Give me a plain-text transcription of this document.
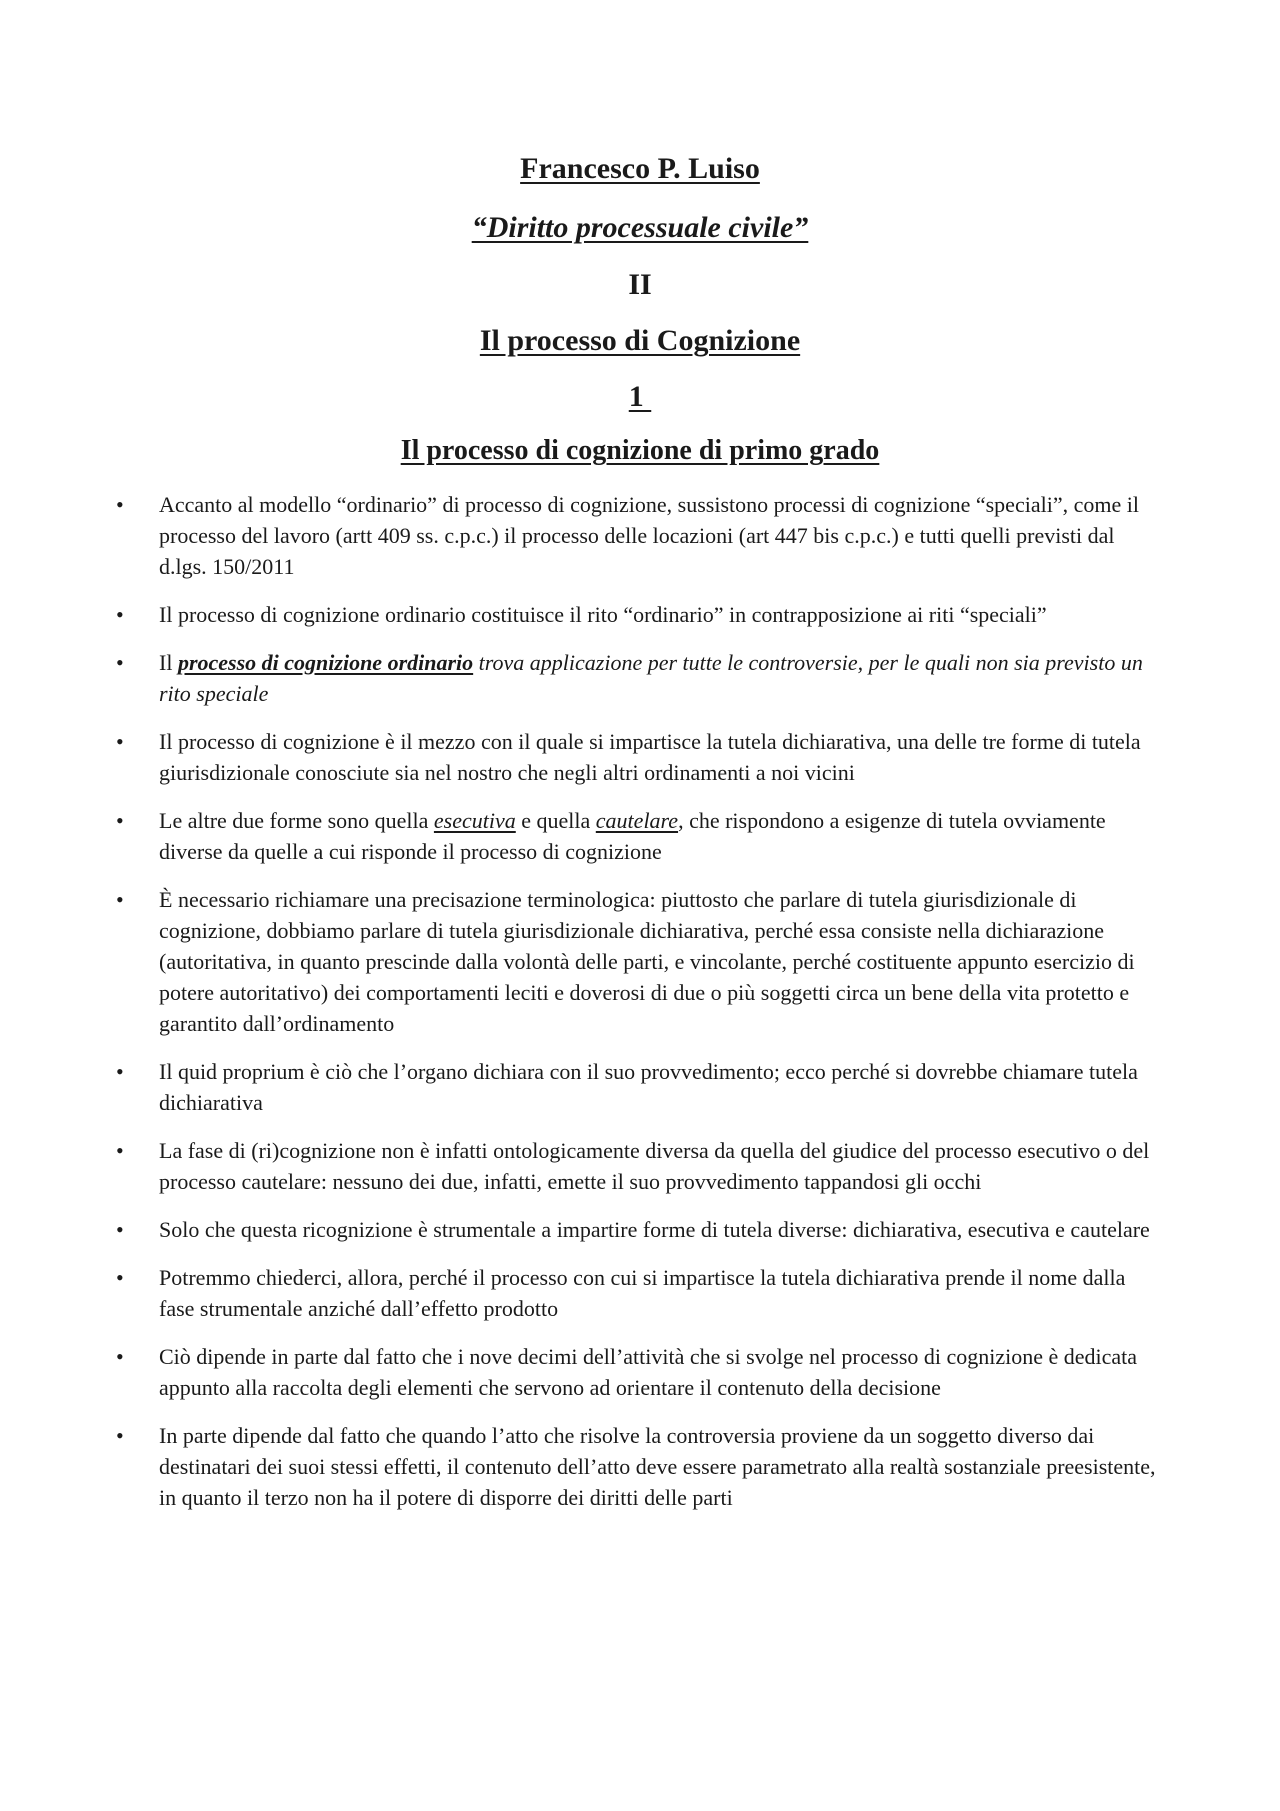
Francesco P. Luiso
“Diritto processuale civile”
II
Il processo di Cognizione
1
Il processo di cognizione di primo grado
•	Accanto al modello “ordinario” di processo di cognizione, sussistono processi di cognizione “speciali”, come il processo del lavoro (artt 409 ss. c.p.c.) il processo delle locazioni (art 447 bis c.p.c.) e tutti quelli previsti dal d.lgs. 150/2011
•	Il processo di cognizione ordinario costituisce il rito “ordinario” in contrapposizione ai riti “speciali”
•	Il processo di cognizione ordinario trova applicazione per tutte le controversie, per le quali non sia previsto un rito speciale
•	Il processo di cognizione è il mezzo con il quale si impartisce la tutela dichiarativa, una delle tre forme di tutela giurisdizionale conosciute sia nel nostro che negli altri ordinamenti a noi vicini
•	Le altre due forme sono quella esecutiva e quella cautelare, che rispondono a esigenze di tutela ovviamente diverse da quelle a cui risponde il processo di cognizione
•	È necessario richiamare una precisazione terminologica: piuttosto che parlare di tutela giurisdizionale di cognizione, dobbiamo parlare di tutela giurisdizionale dichiarativa, perché essa consiste nella dichiarazione (autoritativa, in quanto prescinde dalla volontà delle parti, e vincolante, perché costituente appunto esercizio di potere autoritativo) dei comportamenti leciti e doverosi di due o più soggetti circa un bene della vita protetto e garantito dall’ordinamento
•	Il quid proprium è ciò che l’organo dichiara con il suo provvedimento; ecco perché si dovrebbe chiamare tutela dichiarativa
•	La fase di (ri)cognizione non è infatti ontologicamente diversa da quella del giudice del processo esecutivo o del processo cautelare: nessuno dei due, infatti, emette il suo provvedimento tappandosi gli occhi
•	Solo che questa ricognizione è strumentale a impartire forme di tutela diverse: dichiarativa, esecutiva e cautelare
•	Potremmo chiederci, allora, perché il processo con cui si impartisce la tutela dichiarativa prende il nome dalla fase strumentale anziché dall’effetto prodotto
•	Ciò dipende in parte dal fatto che i nove decimi dell’attività che si svolge nel processo di cognizione è dedicata appunto alla raccolta degli elementi che servono ad orientare il contenuto della decisione
•	In parte dipende dal fatto che quando l’atto che risolve la controversia proviene da un soggetto diverso dai destinatari dei suoi stessi effetti, il contenuto dell’atto deve essere parametrato alla realtà sostanziale preesistente, in quanto il terzo non ha il potere di disporre dei diritti delle parti
